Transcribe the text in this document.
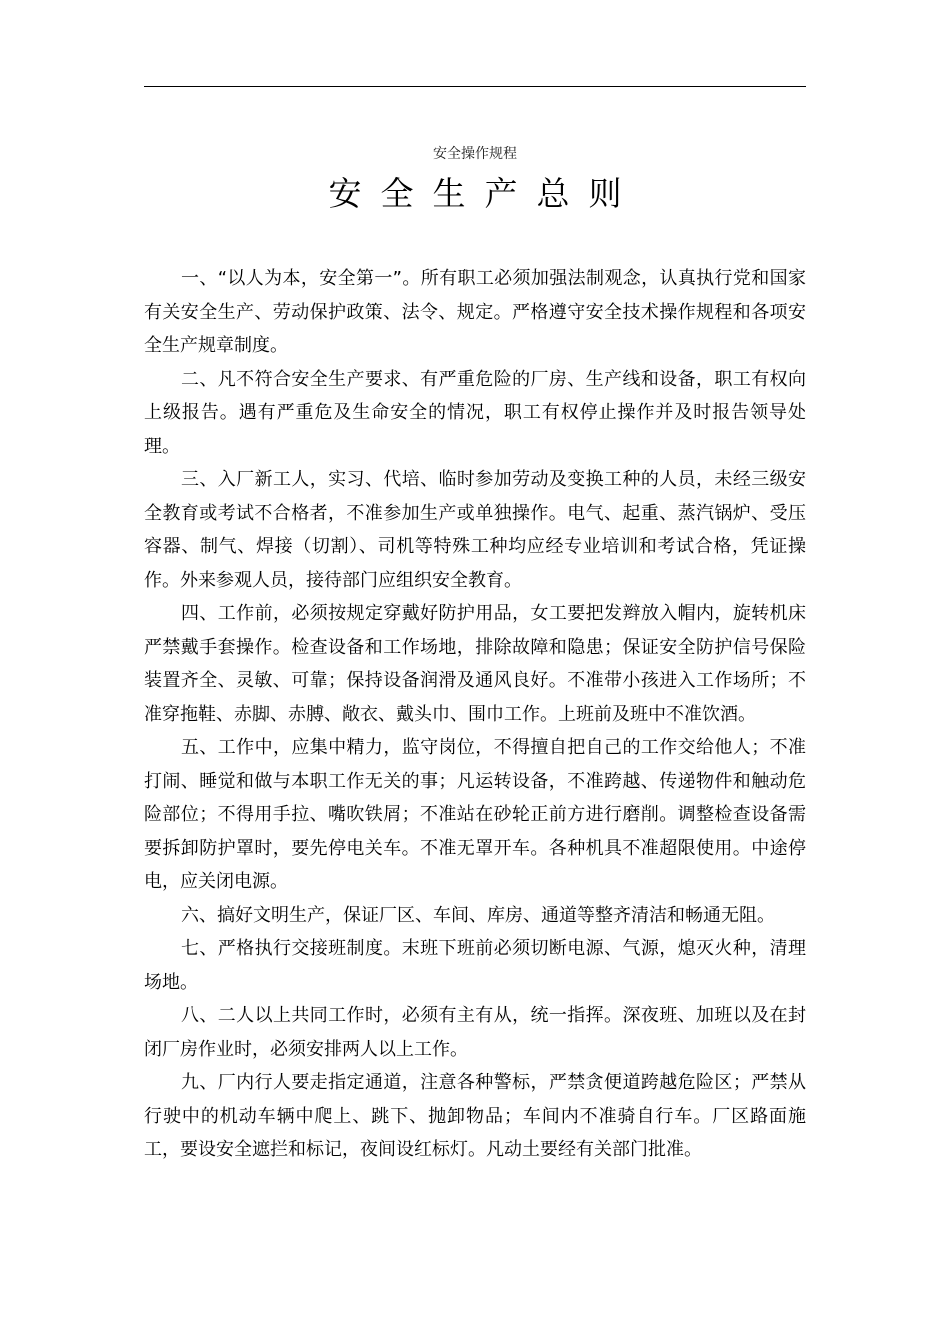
安全操作规程
安全生产总则

一、“以人为本，安全第一”。所有职工必须加强法制观念，认真执行党和国家有关安全生产、劳动保护政策、法令、规定。严格遵守安全技术操作规程和各项安全生产规章制度。

二、凡不符合安全生产要求、有严重危险的厂房、生产线和设备，职工有权向上级报告。遇有严重危及生命安全的情况，职工有权停止操作并及时报告领导处理。

三、入厂新工人，实习、代培、临时参加劳动及变换工种的人员，未经三级安全教育或考试不合格者，不准参加生产或单独操作。电气、起重、蒸汽锅炉、受压容器、制气、焊接（切割）、司机等特殊工种均应经专业培训和考试合格，凭证操作。外来参观人员，接待部门应组织安全教育。

四、工作前，必须按规定穿戴好防护用品，女工要把发辫放入帽内，旋转机床严禁戴手套操作。检查设备和工作场地，排除故障和隐患；保证安全防护信号保险装置齐全、灵敏、可靠；保持设备润滑及通风良好。不准带小孩进入工作场所；不准穿拖鞋、赤脚、赤膊、敞衣、戴头巾、围巾工作。上班前及班中不准饮酒。

五、工作中，应集中精力，监守岗位，不得擅自把自己的工作交给他人；不准打闹、睡觉和做与本职工作无关的事；凡运转设备，不准跨越、传递物件和触动危险部位；不得用手拉、嘴吹铁屑；不准站在砂轮正前方进行磨削。调整检查设备需要拆卸防护罩时，要先停电关车。不准无罩开车。各种机具不准超限使用。中途停电，应关闭电源。

六、搞好文明生产，保证厂区、车间、库房、通道等整齐清洁和畅通无阻。

七、严格执行交接班制度。末班下班前必须切断电源、气源，熄灭火种，清理场地。

八、二人以上共同工作时，必须有主有从，统一指挥。深夜班、加班以及在封闭厂房作业时，必须安排两人以上工作。

九、厂内行人要走指定通道，注意各种警标，严禁贪便道跨越危险区；严禁从行驶中的机动车辆中爬上、跳下、抛卸物品；车间内不准骑自行车。厂区路面施工，要设安全遮拦和标记，夜间设红标灯。凡动土要经有关部门批准。
